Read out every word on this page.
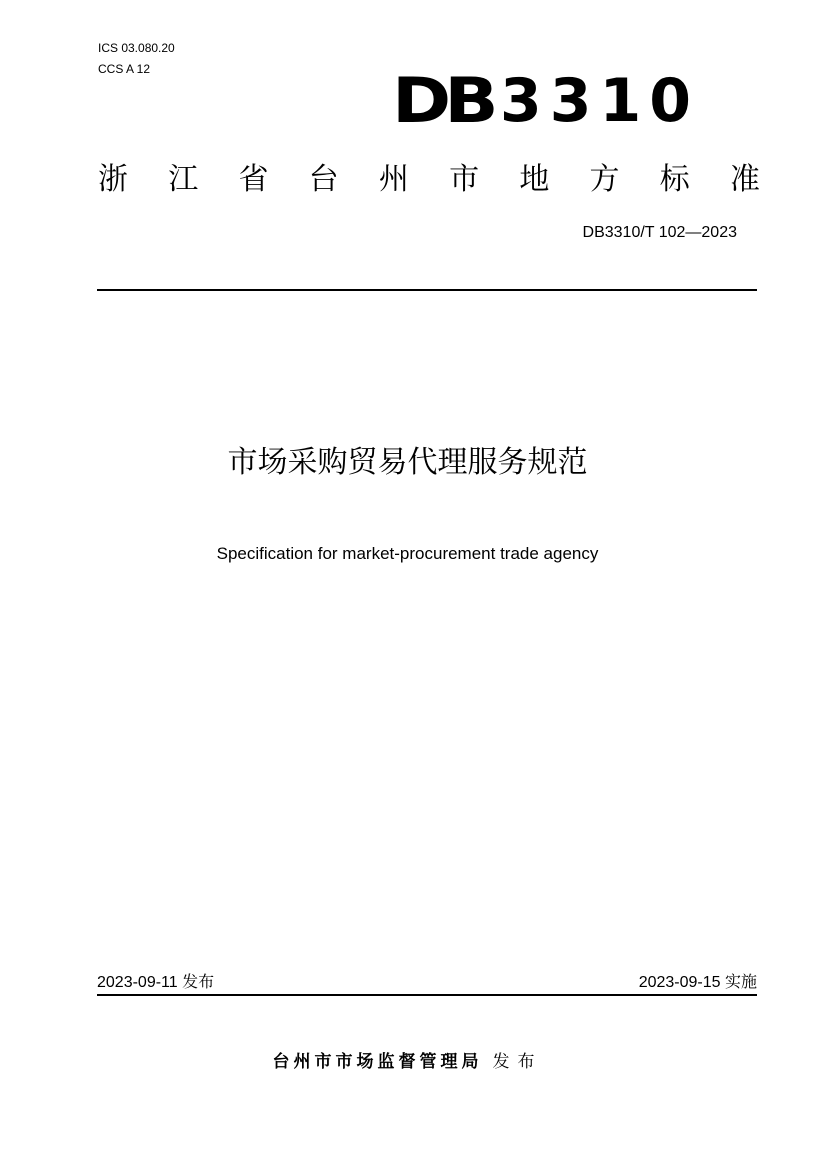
ICS 03.080.20
CCS A 12	DB 3310
浙 江 省 台 州 市 地 方 标 准
DB3310/T 102—2023
市场采购贸易代理服务规范
Specification for market-procurement trade agency
2023-09-11 发布	2023-09-15 实施
台州市市场监督管理局 发布
